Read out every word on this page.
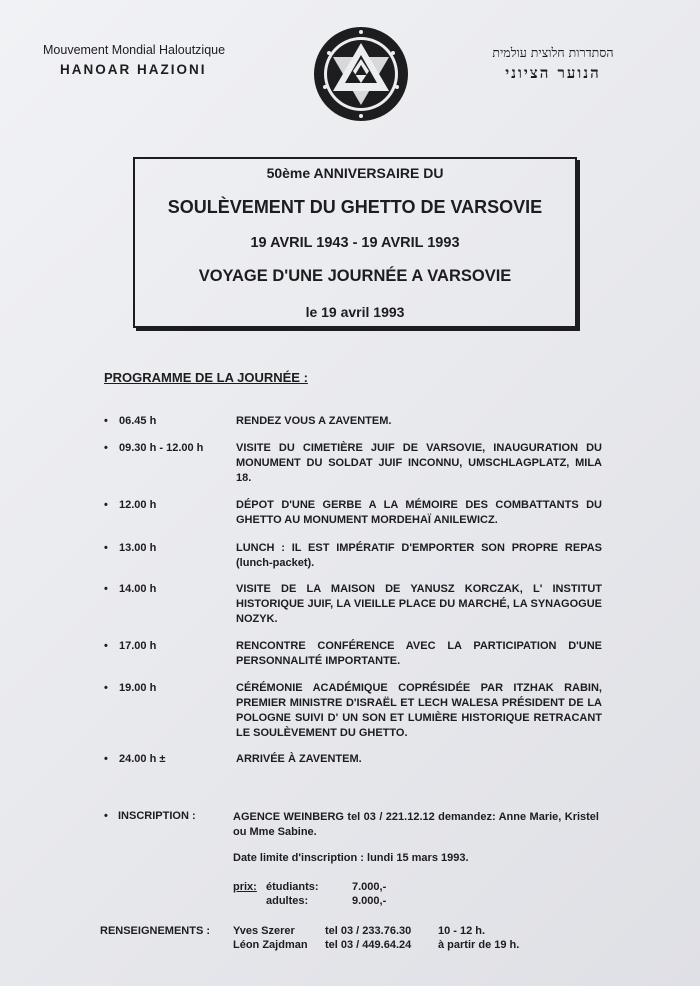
Mouvement Mondial Haloutzique
HANOAR HAZIONI
הסתדרות חלוצית עולמית
הנוער הציוני
50ème ANNIVERSAIRE DU
SOULÈVEMENT DU GHETTO DE VARSOVIE
19 AVRIL 1943 - 19 AVRIL 1993
VOYAGE D'UNE JOURNÉE A VARSOVIE
le 19 avril 1993
PROGRAMME DE LA JOURNÉE :
• 06.45 h	RENDEZ VOUS A ZAVENTEM.
• 09.30 h - 12.00 h	VISITE DU CIMETIÈRE JUIF DE VARSOVIE, INAUGURATION DU MONUMENT DU SOLDAT JUIF INCONNU, UMSCHLAGPLATZ, MILA 18.
• 12.00 h	DÉPOT D'UNE GERBE A LA MÉMOIRE DES COMBATTANTS DU GHETTO AU MONUMENT MORDEHAÏ ANILEWICZ.
• 13.00 h	LUNCH : IL EST IMPÉRATIF D'EMPORTER SON PROPRE REPAS (lunch-packet).
• 14.00 h	VISITE DE LA MAISON DE YANUSZ KORCZAK, L' INSTITUT HISTORIQUE JUIF, LA VIEILLE PLACE DU MARCHÉ, LA SYNAGOGUE NOZYK.
• 17.00 h	RENCONTRE CONFÉRENCE AVEC LA PARTICIPATION D'UNE PERSONNALITÉ IMPORTANTE.
• 19.00 h	CÉRÉMONIE ACADÉMIQUE COPRÉSIDÉE PAR ITZHAK RABIN, PREMIER MINISTRE D'ISRAËL ET LECH WALESA PRÉSIDENT DE LA POLOGNE SUIVI D' UN SON ET LUMIÈRE HISTORIQUE RETRACANT LE SOULÈVEMENT DU GHETTO.
• 24.00 h ±	ARRIVÉE À ZAVENTEM.
• INSCRIPTION :	AGENCE WEINBERG tel 03 / 221.12.12 demandez: Anne Marie, Kristel ou Mme Sabine.
Date limite d'inscription : lundi 15 mars 1993.
prix: étudiants:	7.000,-
adultes:	9.000,-
RENSEIGNEMENTS : Yves Szerer	tel 03 / 233.76.30 10 - 12 h.
Léon Zajdman tel 03 / 449.64.24 à partir de 19 h.
